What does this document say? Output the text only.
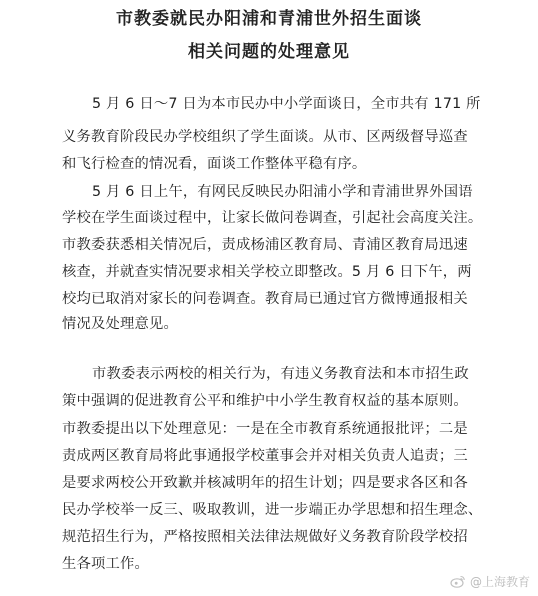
市教委就民办阳浦和青浦世外招生面谈
相关问题的处理意见
5 月 6 日～7 日为本市民办中小学面谈日，全市共有 171 所
义务教育阶段民办学校组织了学生面谈。从市、区两级督导巡查
和飞行检查的情况看，面谈工作整体平稳有序。
5 月 6 日上午，有网民反映民办阳浦小学和青浦世界外国语
学校在学生面谈过程中，让家长做问卷调查，引起社会高度关注。
市教委获悉相关情况后，责成杨浦区教育局、青浦区教育局迅速
核查，并就查实情况要求相关学校立即整改。5 月 6 日下午，两
校均已取消对家长的问卷调查。教育局已通过官方微博通报相关
情况及处理意见。
市教委表示两校的相关行为，有违义务教育法和本市招生政
策中强调的促进教育公平和维护中小学生教育权益的基本原则。
市教委提出以下处理意见：一是在全市教育系统通报批评；二是
责成两区教育局将此事通报学校董事会并对相关负责人追责；三
是要求两校公开致歉并核减明年的招生计划；四是要求各区和各
民办学校举一反三、吸取教训，进一步端正办学思想和招生理念、
规范招生行为，严格按照相关法律法规做好义务教育阶段学校招
生各项工作。
@上海教育
